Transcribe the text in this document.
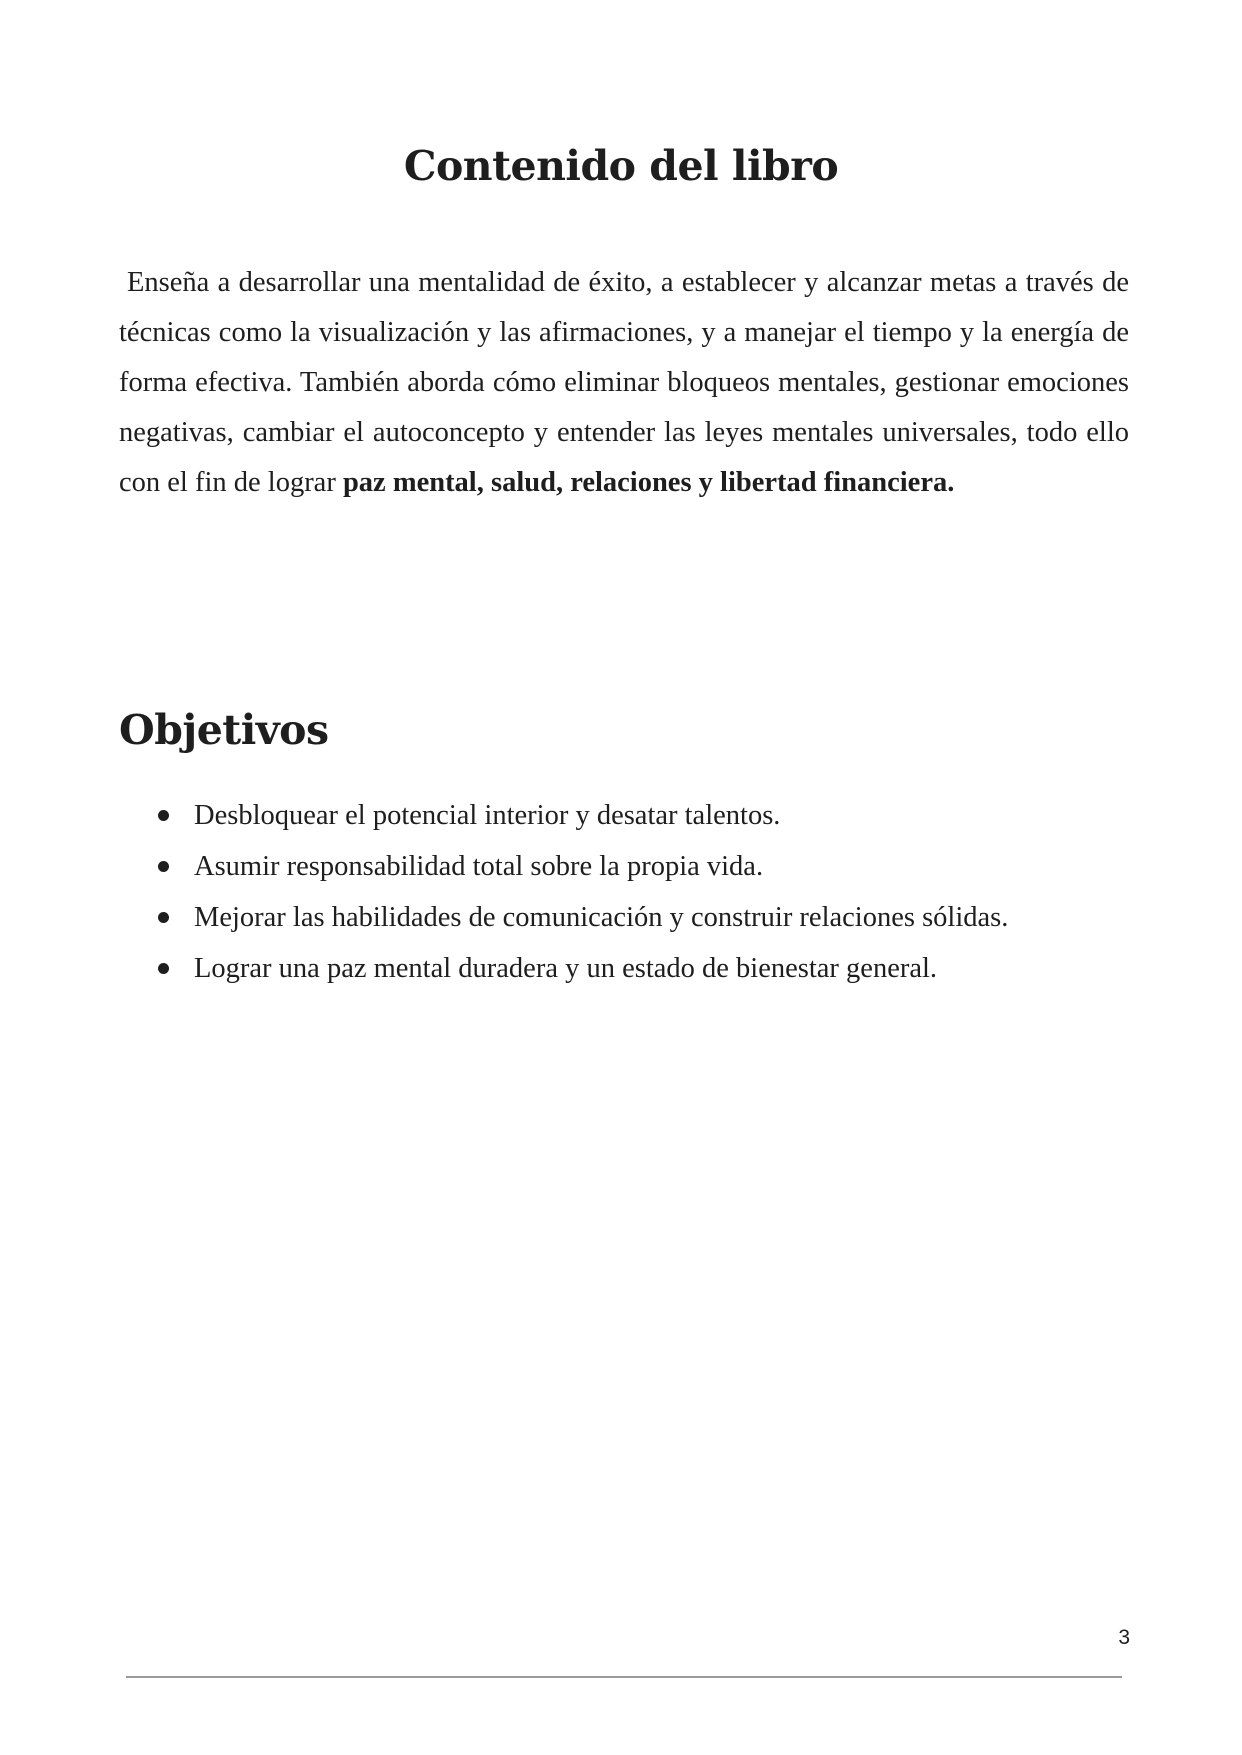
Contenido del libro

Enseña a desarrollar una mentalidad de éxito, a establecer y alcanzar metas a través de técnicas como la visualización y las afirmaciones, y a manejar el tiempo y la energía de forma efectiva. También aborda cómo eliminar bloqueos mentales, gestionar emociones negativas, cambiar el autoconcepto y entender las leyes mentales universales, todo ello con el fin de lograr paz mental, salud, relaciones y libertad financiera.

Objetivos
Desbloquear el potencial interior y desatar talentos.
Asumir responsabilidad total sobre la propia vida.
Mejorar las habilidades de comunicación y construir relaciones sólidas.
Lograr una paz mental duradera y un estado de bienestar general.
3
